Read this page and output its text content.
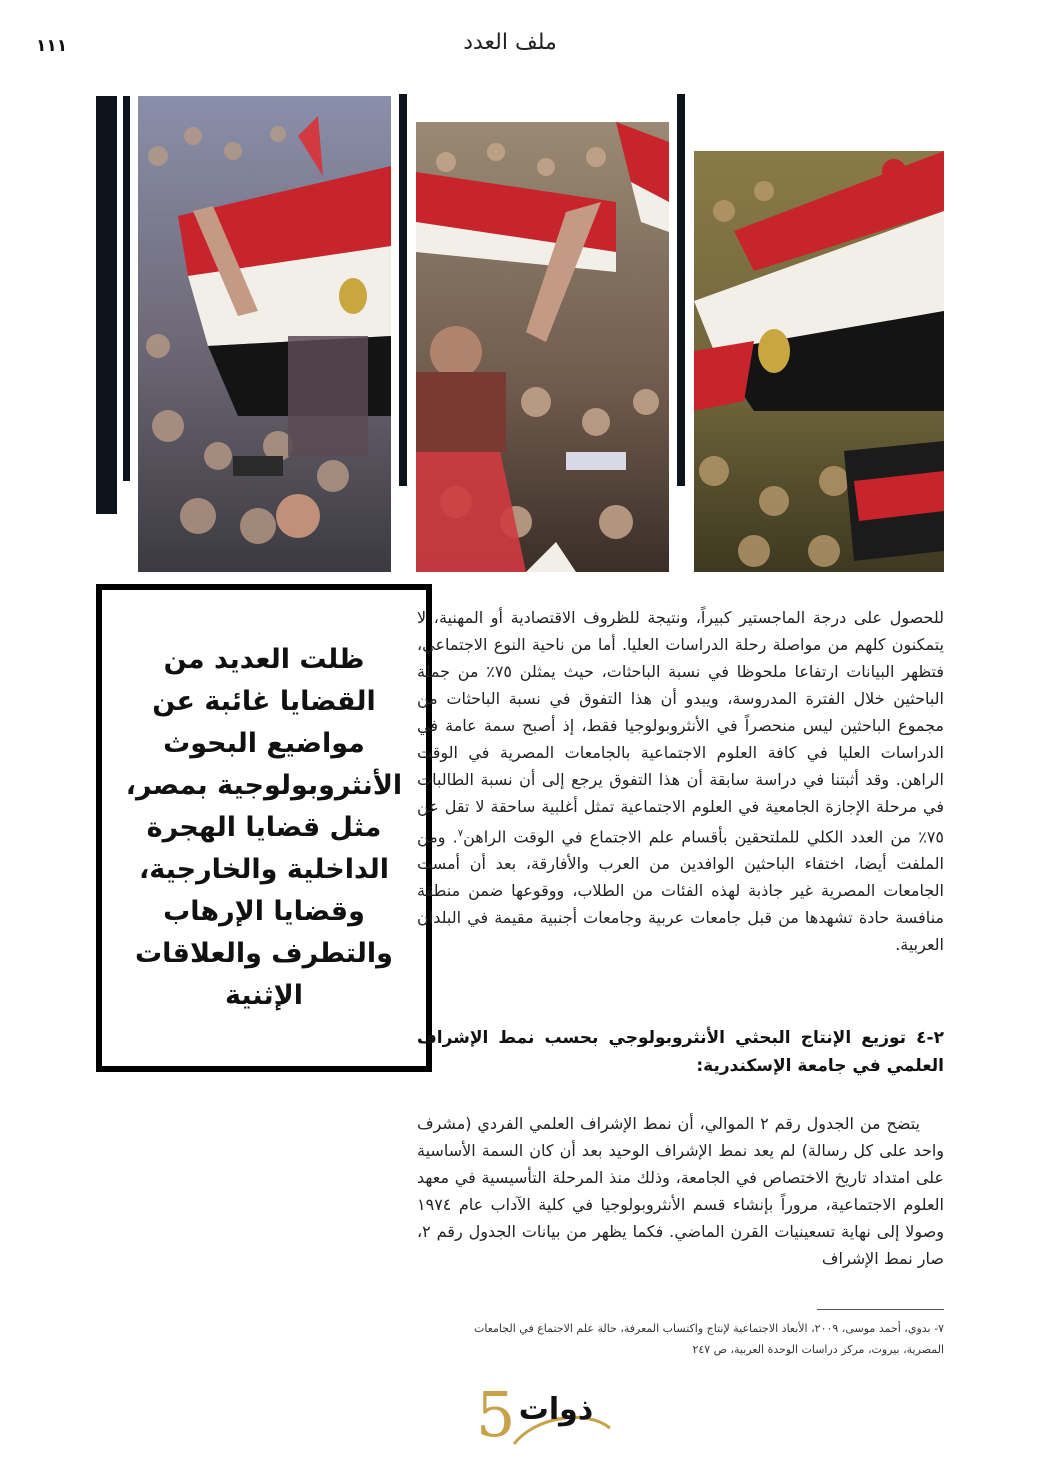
١١١	ملف العدد
ظلت العديد من القضايا غائبة عن مواضيع البحوث الأنثروبولوجية بمصر، مثل قضايا الهجرة الداخلية والخارجية، وقضايا الإرهاب والتطرف والعلاقات الإثنية
للحصول على درجة الماجستير كبيراً، ونتيجة للظروف الاقتصادية أو المهنية، لا يتمكنون كلهم من مواصلة رحلة الدراسات العليا. أما من ناحية النوع الاجتماعي، فتظهر البيانات ارتفاعا ملحوظا في نسبة الباحثات، حيث يمثلن ٧٥٪ من جملة الباحثين خلال الفترة المدروسة، ويبدو أن هذا التفوق في نسبة الباحثات من مجموع الباحثين ليس منحصراً في الأنثروبولوجيا فقط، إذ أصبح سمة عامة في الدراسات العليا في كافة العلوم الاجتماعية بالجامعات المصرية في الوقت الراهن. وقد أثبتنا في دراسة سابقة أن هذا التفوق يرجع إلى أن نسبة الطالبات في مرحلة الإجازة الجامعية في العلوم الاجتماعية تمثل أغلبية ساحقة لا تقل عن ٧٥٪ من العدد الكلي للملتحقين بأقسام علم الاجتماع في الوقت الراهن$^٧$. ومن الملفت أيضا، اختفاء الباحثين الوافدين من العرب والأفارقة، بعد أن أمست الجامعات المصرية غير جاذبة لهذه الفئات من الطلاب، ووقوعها ضمن منطقة منافسة حادة تشهدها من قبل جامعات عربية وجامعات أجنبية مقيمة في البلدان العربية.
٢-٤ توزيع الإنتاج البحثي الأنثروبولوجي بحسب نمط الإشراف العلمي في جامعة الإسكندرية:
يتضح من الجدول رقم ٢ الموالي، أن نمط الإشراف العلمي الفردي (مشرف واحد على كل رسالة) لم يعد نمط الإشراف الوحيد بعد أن كان السمة الأساسية على امتداد تاريخ الاختصاص في الجامعة، وذلك منذ المرحلة التأسيسية في معهد العلوم الاجتماعية، مروراً بإنشاء قسم الأنثروبولوجيا في كلية الآداب عام ١٩٧٤ وصولا إلى نهاية تسعينيات القرن الماضي. فكما يظهر من بيانات الجدول رقم ٢، صار نمط الإشراف
٧- بدوي، أحمد موسى، ٢٠٠٩، الأبعاد الاجتماعية لإنتاج واكتساب المعرفة، حالة علم الاجتماع في الجامعات
المصرية، بيروت، مركز دراسات الوحدة العربية، ص ٢٤٧
5 ذوات
